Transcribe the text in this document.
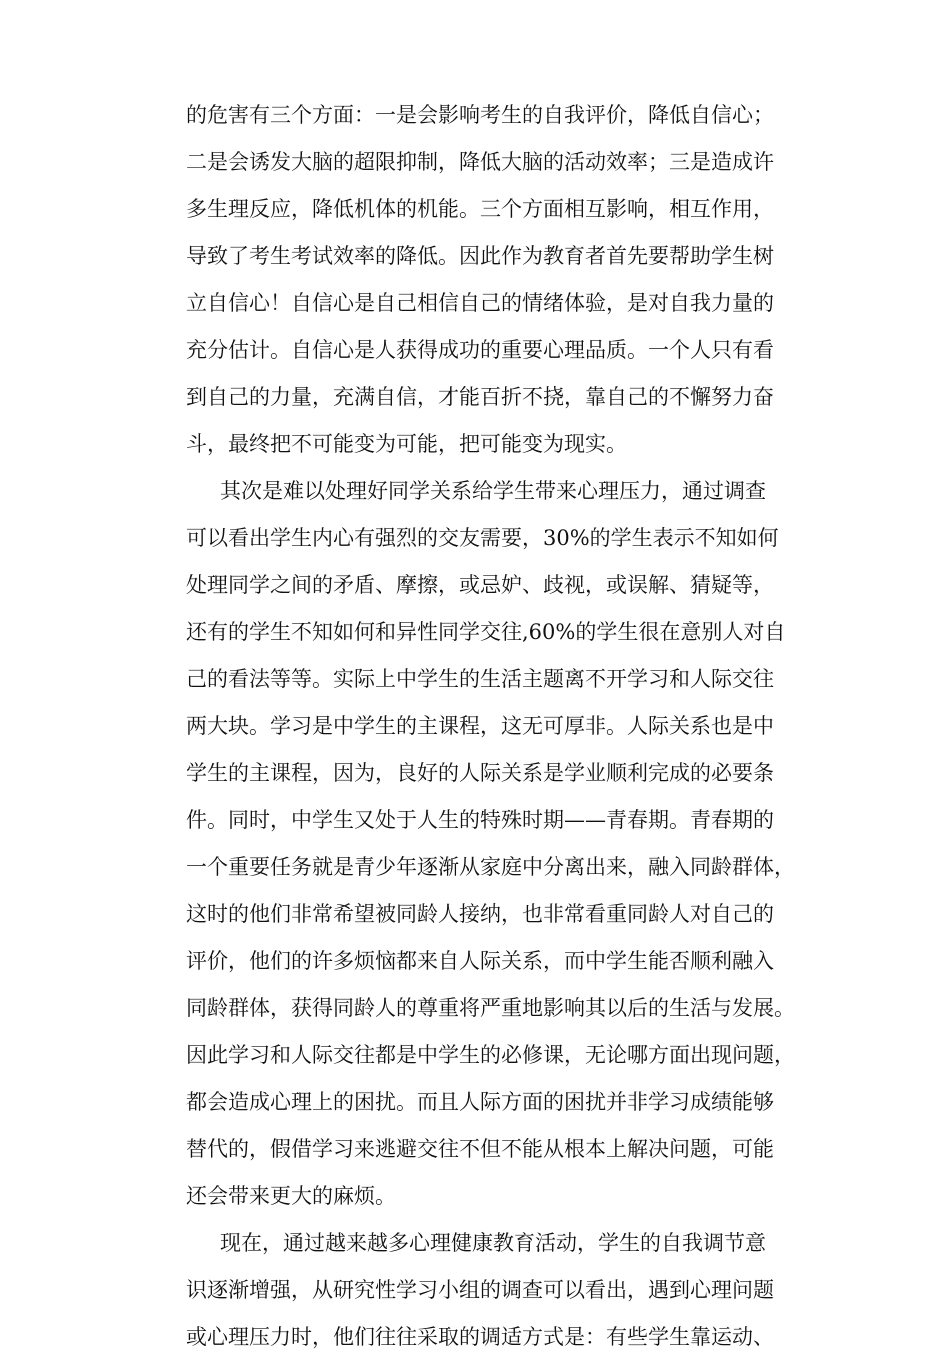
的危害有三个方面：一是会影响考生的自我评价，降低自信心；
二是会诱发大脑的超限抑制，降低大脑的活动效率；三是造成许
多生理反应，降低机体的机能。三个方面相互影响，相互作用，
导致了考生考试效率的降低。因此作为教育者首先要帮助学生树
立自信心！自信心是自己相信自己的情绪体验，是对自我力量的
充分估计。自信心是人获得成功的重要心理品质。一个人只有看
到自己的力量，充满自信，才能百折不挠，靠自己的不懈努力奋
斗，最终把不可能变为可能，把可能变为现实。
其次是难以处理好同学关系给学生带来心理压力，通过调查
可以看出学生内心有强烈的交友需要，30%的学生表示不知如何
处理同学之间的矛盾、摩擦，或忌妒、歧视，或误解、猜疑等，
还有的学生不知如何和异性同学交往,60%的学生很在意别人对自
己的看法等等。实际上中学生的生活主题离不开学习和人际交往
两大块。学习是中学生的主课程，这无可厚非。人际关系也是中
学生的主课程，因为，良好的人际关系是学业顺利完成的必要条
件。同时，中学生又处于人生的特殊时期——青春期。青春期的
一个重要任务就是青少年逐渐从家庭中分离出来，融入同龄群体，
这时的他们非常希望被同龄人接纳，也非常看重同龄人对自己的
评价，他们的许多烦恼都来自人际关系，而中学生能否顺利融入
同龄群体，获得同龄人的尊重将严重地影响其以后的生活与发展。
因此学习和人际交往都是中学生的必修课，无论哪方面出现问题，
都会造成心理上的困扰。而且人际方面的困扰并非学习成绩能够
替代的，假借学习来逃避交往不但不能从根本上解决问题，可能
还会带来更大的麻烦。
现在，通过越来越多心理健康教育活动，学生的自我调节意
识逐渐增强，从研究性学习小组的调查可以看出，遇到心理问题
或心理压力时，他们往往采取的调适方式是：有些学生靠运动、
